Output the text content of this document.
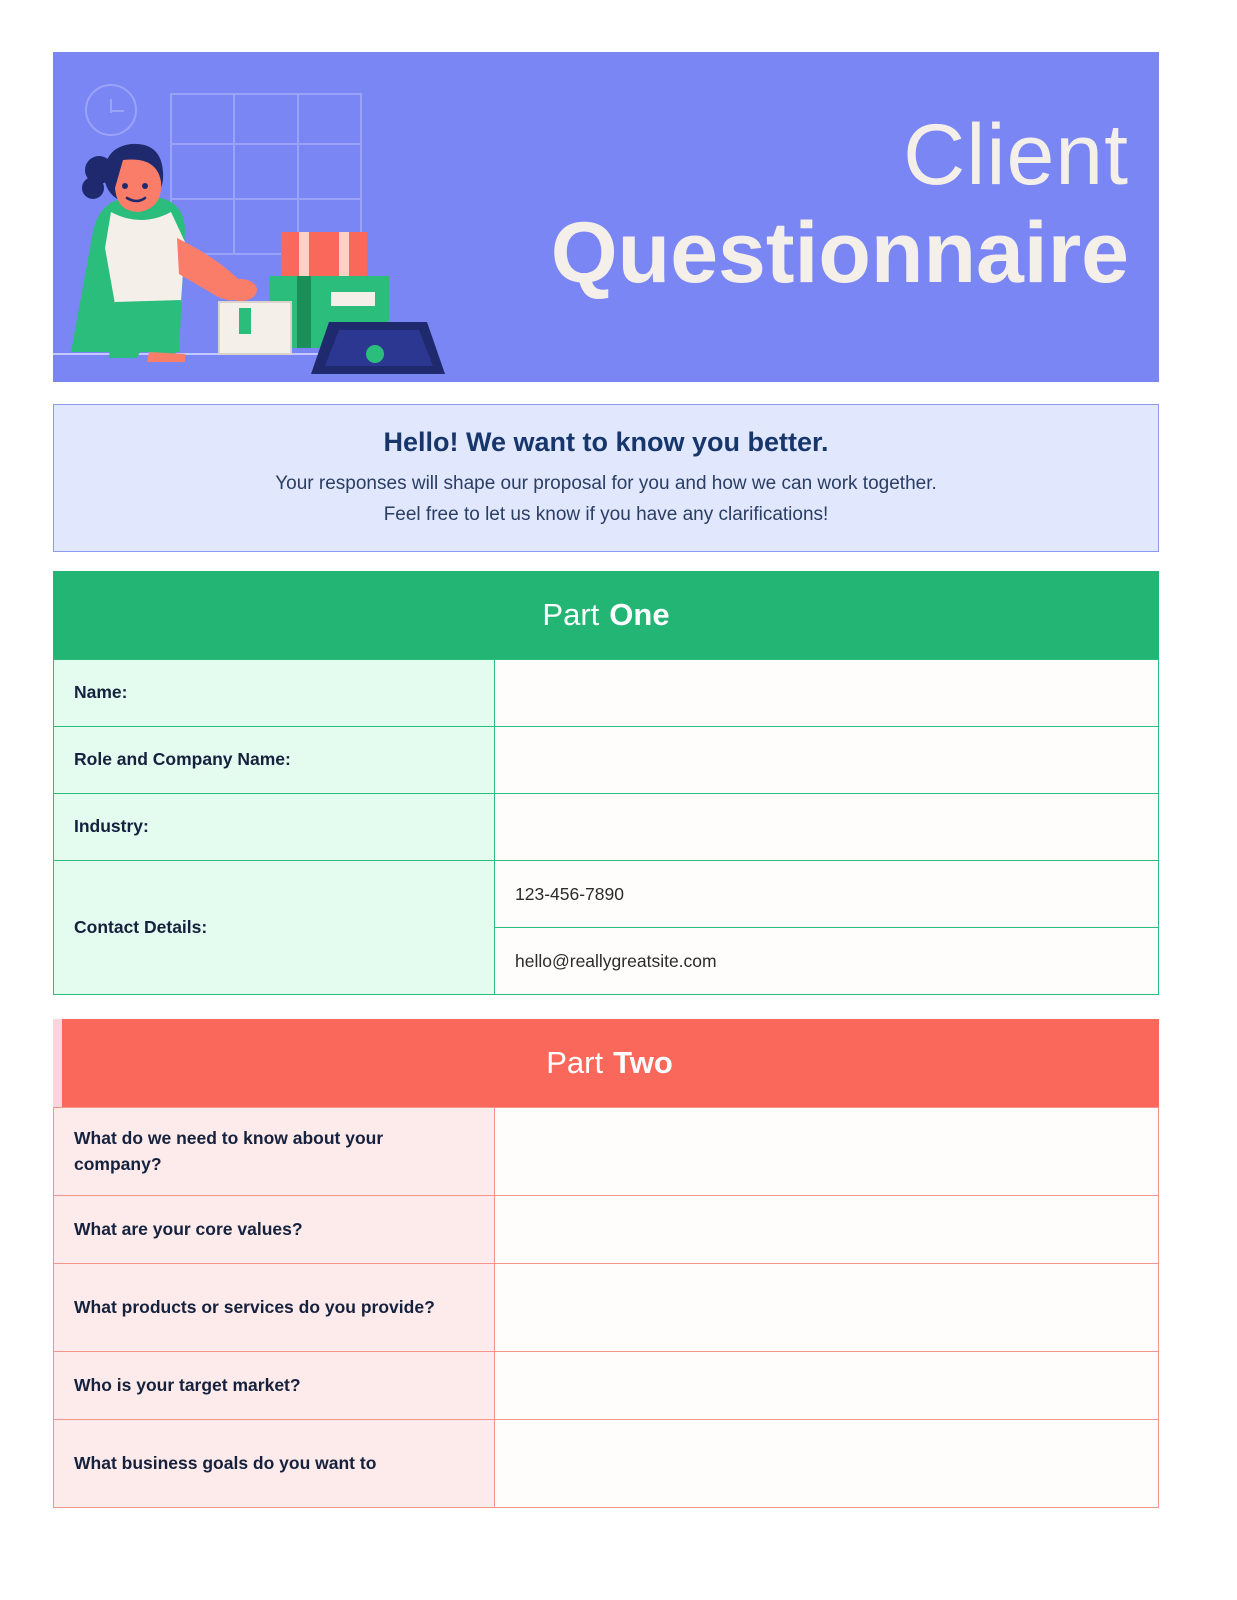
Client
Questionnaire
Hello! We want to know you better.

Your responses will shape our proposal for you and how we can work together.

Feel free to let us know if you have any clarifications!

Part One
Name:	
Role and Company Name:	
Industry:	
Contact Details:	123-456-7890
	hello@reallygreatsite.com
Part Two
What do we need to know about your company?	
What are your core values?	
What products or services do you provide?	
Who is your target market?	
What business goals do you want to	
